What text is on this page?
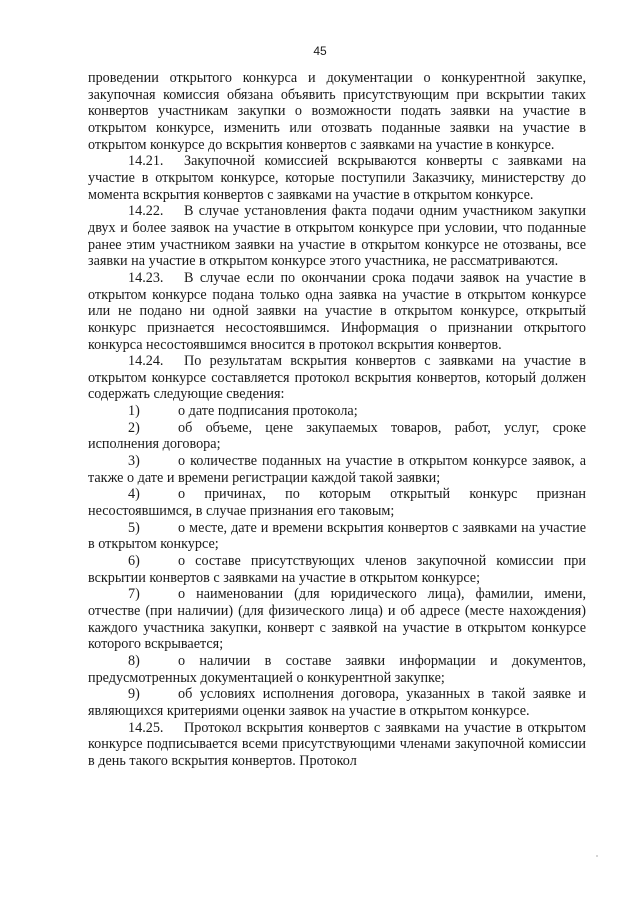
45

проведении открытого конкурса и документации о конкурентной закупке, закупочная комиссия обязана объявить присутствующим при вскрытии таких конвертов участникам закупки о возможности подать заявки на участие в открытом конкурсе, изменить или отозвать поданные заявки на участие в открытом конкурсе до вскрытия конвертов с заявками на участие в конкурсе.

14.21. Закупочной комиссией вскрываются конверты с заявками на участие в открытом конкурсе, которые поступили Заказчику, министерству до момента вскрытия конвертов с заявками на участие в открытом конкурсе.

14.22. В случае установления факта подачи одним участником закупки двух и более заявок на участие в открытом конкурсе при условии, что поданные ранее этим участником заявки на участие в открытом конкурсе не отозваны, все заявки на участие в открытом конкурсе этого участника, не рассматриваются.

14.23. В случае если по окончании срока подачи заявок на участие в открытом конкурсе подана только одна заявка на участие в открытом конкурсе или не подано ни одной заявки на участие в открытом конкурсе, открытый конкурс признается несостоявшимся. Информация о признании открытого конкурса несостоявшимся вносится в протокол вскрытия конвертов.

14.24. По результатам вскрытия конвертов с заявками на участие в открытом конкурсе составляется протокол вскрытия конвертов, который должен содержать следующие сведения:

1)	о дате подписания протокола;

2)	об объеме, цене закупаемых товаров, работ, услуг, сроке исполнения договора;

3)	о количестве поданных на участие в открытом конкурсе заявок, а также о дате и времени регистрации каждой такой заявки;

4)	о причинах, по которым открытый конкурс признан несостоявшимся, в случае признания его таковым;

5)	о месте, дате и времени вскрытия конвертов с заявками на участие в открытом конкурсе;

6)	о составе присутствующих членов закупочной комиссии при вскрытии конвертов с заявками на участие в открытом конкурсе;

7)	о наименовании (для юридического лица), фамилии, имени, отчестве (при наличии) (для физического лица) и об адресе (месте нахождения) каждого участника закупки, конверт с заявкой на участие в открытом конкурсе которого вскрывается;

8)	о наличии в составе заявки информации и документов, предусмотренных документацией о конкурентной закупке;

9)	об условиях исполнения договора, указанных в такой заявке и являющихся критериями оценки заявок на участие в открытом конкурсе.

14.25. Протокол вскрытия конвертов с заявками на участие в открытом конкурсе подписывается всеми присутствующими членами закупочной комиссии в день такого вскрытия конвертов. Протокол
